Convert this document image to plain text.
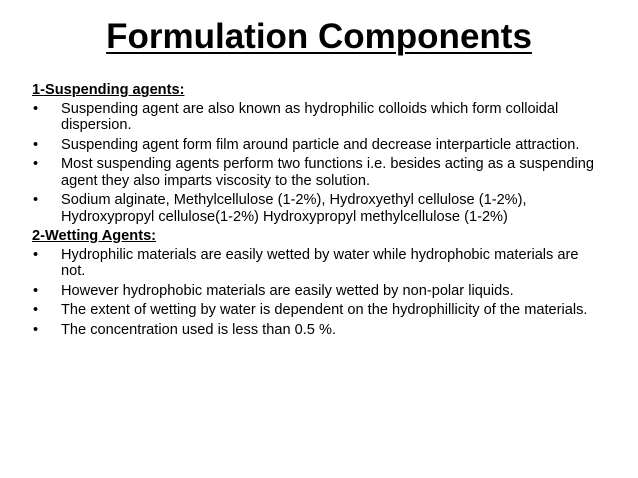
Formulation Components
1-Suspending agents:
• Suspending agent are also known as hydrophilic colloids which form colloidal dispersion.
• Suspending agent form film around particle and decrease interparticle attraction.
• Most suspending agents perform two functions i.e. besides acting as a suspending agent they also imparts viscosity to the solution.
• Sodium alginate, Methylcellulose (1-2%), Hydroxyethyl cellulose (1-2%), Hydroxypropyl cellulose(1-2%) Hydroxypropyl methylcellulose (1-2%)
2-Wetting Agents:
• Hydrophilic materials are easily wetted by water while hydrophobic materials are not.
• However hydrophobic materials are easily wetted by non-polar liquids.
• The extent of wetting by water is dependent on the hydrophillicity of the materials.
• The concentration used is less than 0.5 %.
